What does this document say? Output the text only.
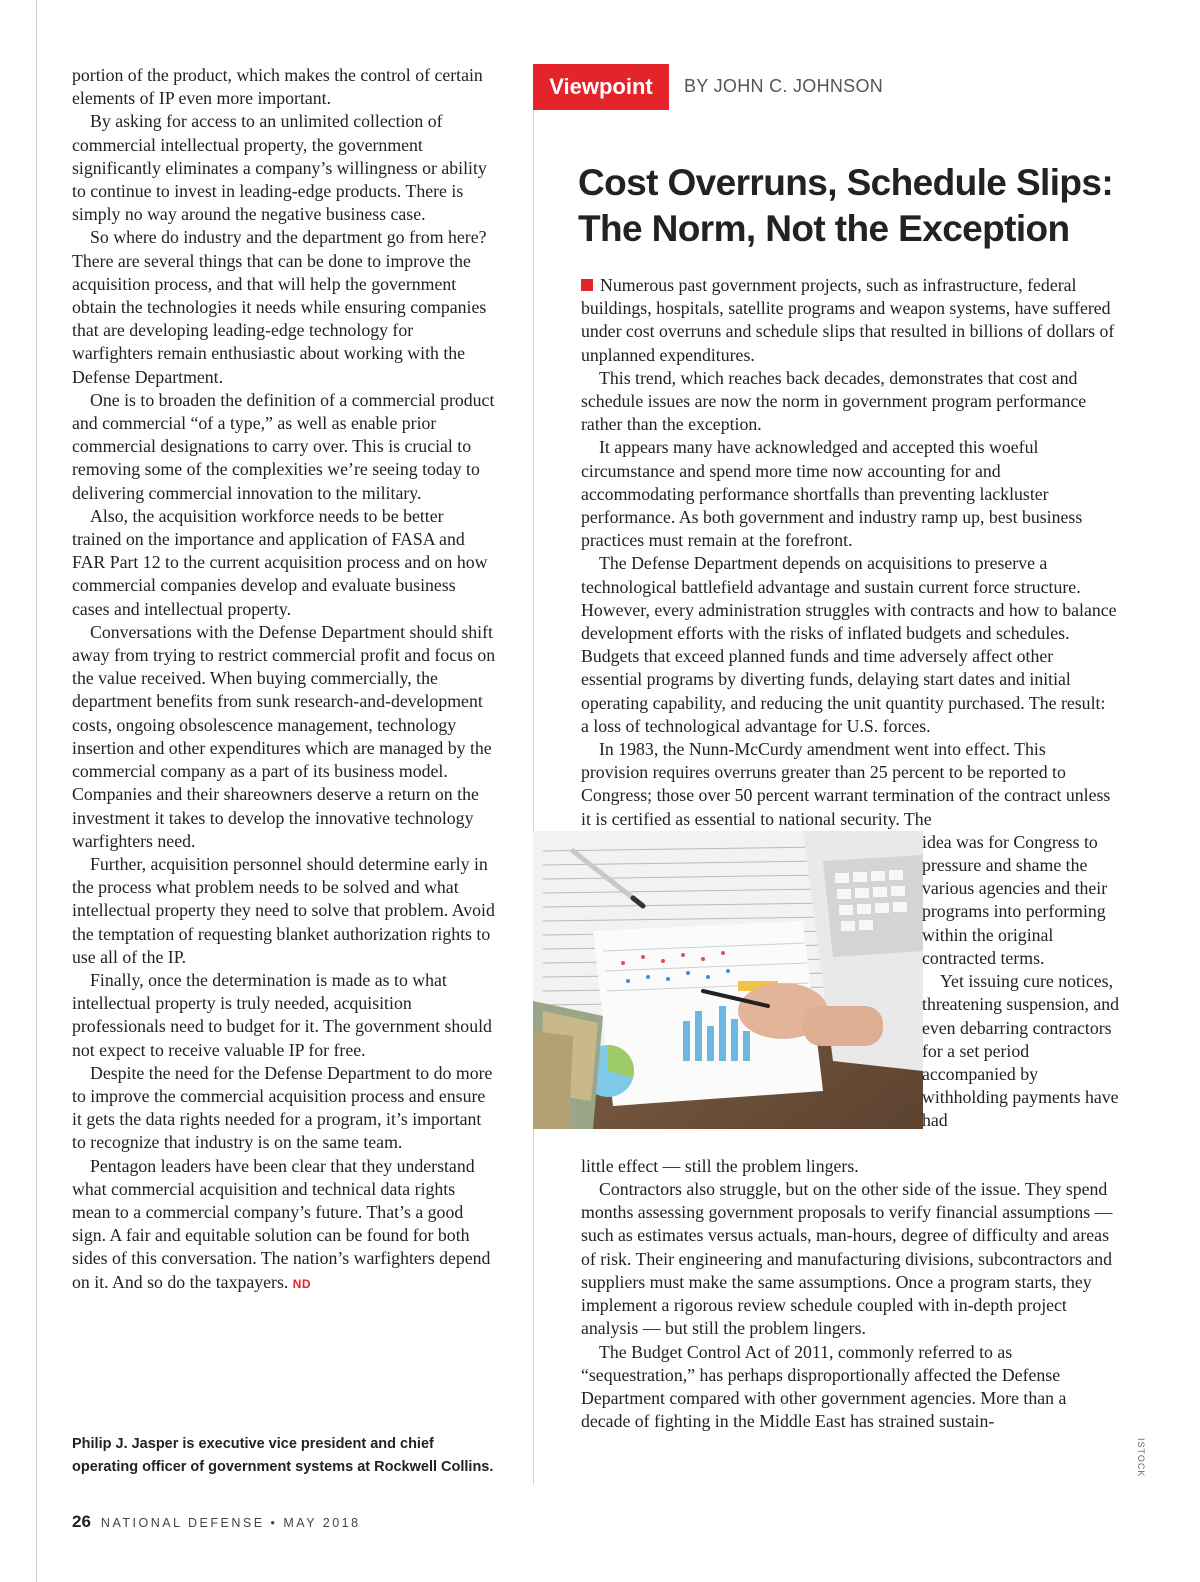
portion of the product, which makes the control of certain elements of IP even more important.

By asking for access to an unlimited collection of commercial intellectual property, the government significantly eliminates a company’s willingness or ability to continue to invest in leading-edge products. There is simply no way around the negative business case.

So where do industry and the department go from here? There are several things that can be done to improve the acquisition process, and that will help the government obtain the technologies it needs while ensuring companies that are developing leading-edge technology for warfighters remain enthusiastic about working with the Defense Department.

One is to broaden the definition of a commercial product and commercial “of a type,” as well as enable prior commercial designations to carry over. This is crucial to removing some of the complexities we’re seeing today to delivering commercial innovation to the military.

Also, the acquisition workforce needs to be better trained on the importance and application of FASA and FAR Part 12 to the current acquisition process and on how commercial companies develop and evaluate business cases and intellectual property.

Conversations with the Defense Department should shift away from trying to restrict commercial profit and focus on the value received. When buying commercially, the department benefits from sunk research-and-development costs, ongoing obsolescence management, technology insertion and other expenditures which are managed by the commercial company as a part of its business model. Companies and their shareowners deserve a return on the investment it takes to develop the innovative technology warfighters need.

Further, acquisition personnel should determine early in the process what problem needs to be solved and what intellectual property they need to solve that problem. Avoid the temptation of requesting blanket authorization rights to use all of the IP.

Finally, once the determination is made as to what intellectual property is truly needed, acquisition professionals need to budget for it. The government should not expect to receive valuable IP for free.

Despite the need for the Defense Department to do more to improve the commercial acquisition process and ensure it gets the data rights needed for a program, it’s important to recognize that industry is on the same team.

Pentagon leaders have been clear that they understand what commercial acquisition and technical data rights mean to a commercial company’s future. That’s a good sign. A fair and equitable solution can be found for both sides of this conversation. The nation’s warfighters depend on it. And so do the taxpayers. ND

Philip J. Jasper is executive vice president and chief operating officer of government systems at Rockwell Collins.
Viewpoint	BY JOHN C. JOHNSON
Cost Overruns, Schedule Slips: The Norm, Not the Exception

Numerous past government projects, such as infrastructure, federal buildings, hospitals, satellite programs and weapon systems, have suffered under cost overruns and schedule slips that resulted in billions of dollars of unplanned expenditures.

This trend, which reaches back decades, demonstrates that cost and schedule issues are now the norm in government program performance rather than the exception.

It appears many have acknowledged and accepted this woeful circumstance and spend more time now accounting for and accommodating performance shortfalls than preventing lackluster performance. As both government and industry ramp up, best business practices must remain at the forefront.

The Defense Department depends on acquisitions to preserve a technological battlefield advantage and sustain current force structure. However, every administration struggles with contracts and how to balance development efforts with the risks of inflated budgets and schedules. Budgets that exceed planned funds and time adversely affect other essential programs by diverting funds, delaying start dates and initial operating capability, and reducing the unit quantity purchased. The result: a loss of technological advantage for U.S. forces.

In 1983, the Nunn-McCurdy amendment went into effect. This provision requires overruns greater than 25 percent to be reported to Congress; those over 50 percent warrant termination of the contract unless it is certified as essential to national security. The

idea was for Congress to pressure and shame the various agencies and their programs into performing within the original contracted terms.

Yet issuing cure notices, threatening suspension, and even debarring contractors for a set period accompanied by withholding payments have had

little effect — still the problem lingers.

Contractors also struggle, but on the other side of the issue. They spend months assessing government proposals to verify financial assumptions — such as estimates versus actuals, man-hours, degree of difficulty and areas of risk. Their engineering and manufacturing divisions, subcontractors and suppliers must make the same assumptions. Once a program starts, they implement a rigorous review schedule coupled with in-depth project analysis — but still the problem lingers.

The Budget Control Act of 2011, commonly referred to as “sequestration,” has perhaps disproportionally affected the Defense Department compared with other government agencies. More than a decade of fighting in the Middle East has strained sustain-

ISTOCK
26 NATIONAL DEFENSE • MAY 2018
